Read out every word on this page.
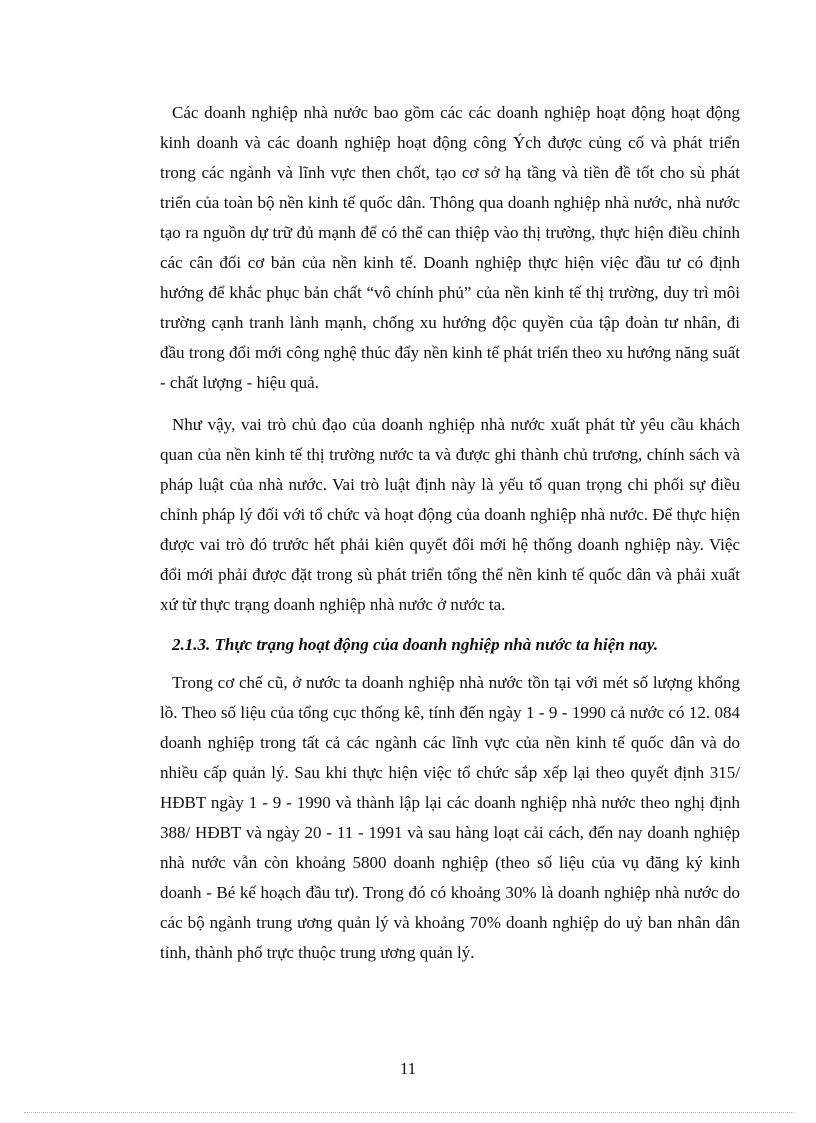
Các doanh nghiệp nhà nước bao gồm các các doanh nghiệp hoạt động hoạt động kinh doanh và các doanh nghiệp hoạt động công Ých được củng cố và phát triển trong các ngành và lĩnh vực then chốt, tạo cơ sở hạ tầng và tiền đề tốt cho sù phát triển của toàn bộ nền kinh tế quốc dân. Thông qua doanh nghiệp nhà nước, nhà nước tạo ra nguồn dự trữ đủ mạnh để có thể can thiệp vào thị trường, thực hiện điều chỉnh các cân đối cơ bản của nền kinh tế. Doanh nghiệp thực hiện việc đầu tư có định hướng để khắc phục bản chất “vô chính phủ” của nền kinh tế thị trường, duy trì môi trường cạnh tranh lành mạnh, chống xu hướng độc quyền của tập đoàn tư nhân, đi đầu trong đổi mới công nghệ thúc đẩy nền kinh tế phát triển theo xu hướng năng suất - chất lượng - hiệu quả.

Như vậy, vai trò chủ đạo của doanh nghiệp nhà nước xuất phát từ yêu cầu khách quan của nền kinh tế thị trường nước ta và được ghi thành chủ trương, chính sách và pháp luật của nhà nước. Vai trò luật định này là yếu tố quan trọng chi phối sự điều chỉnh pháp lý đối với tổ chức và hoạt động của doanh nghiệp nhà nước. Để thực hiện được vai trò đó trước hết phải kiên quyết đổi mới hệ thống doanh nghiệp này. Việc đổi mới phải được đặt trong sù phát triển tổng thể nền kinh tế quốc dân và phải xuất xứ từ thực trạng doanh nghiệp nhà nước ở nước ta.

2.1.3. Thực trạng hoạt động của doanh nghiệp nhà nước ta hiện nay.

Trong cơ chế cũ, ở nước ta doanh nghiệp nhà nước tồn tại với mét số lượng khổng lồ. Theo số liệu của tổng cục thống kê, tính đến ngày 1 - 9 - 1990 cả nước có 12. 084 doanh nghiệp trong tất cả các ngành các lĩnh vực của nền kinh tế quốc dân và do nhiều cấp quản lý. Sau khi thực hiện việc tổ chức sắp xếp lại theo quyết định 315/ HĐBT ngày 1 - 9 - 1990 và thành lập lại các doanh nghiệp nhà nước theo nghị định 388/ HĐBT và ngày 20 - 11 - 1991 và sau hàng loạt cải cách, đến nay doanh nghiệp nhà nước vẫn còn khoảng 5800 doanh nghiệp (theo số liệu của vụ đăng ký kinh doanh - Bé kế hoạch đầu tư). Trong đó có khoảng 30% là doanh nghiệp nhà nước do các bộ ngành trung ương quản lý và khoảng 70% doanh nghiệp do uỷ ban nhân dân tỉnh, thành phố trực thuộc trung ương quản lý.

11
